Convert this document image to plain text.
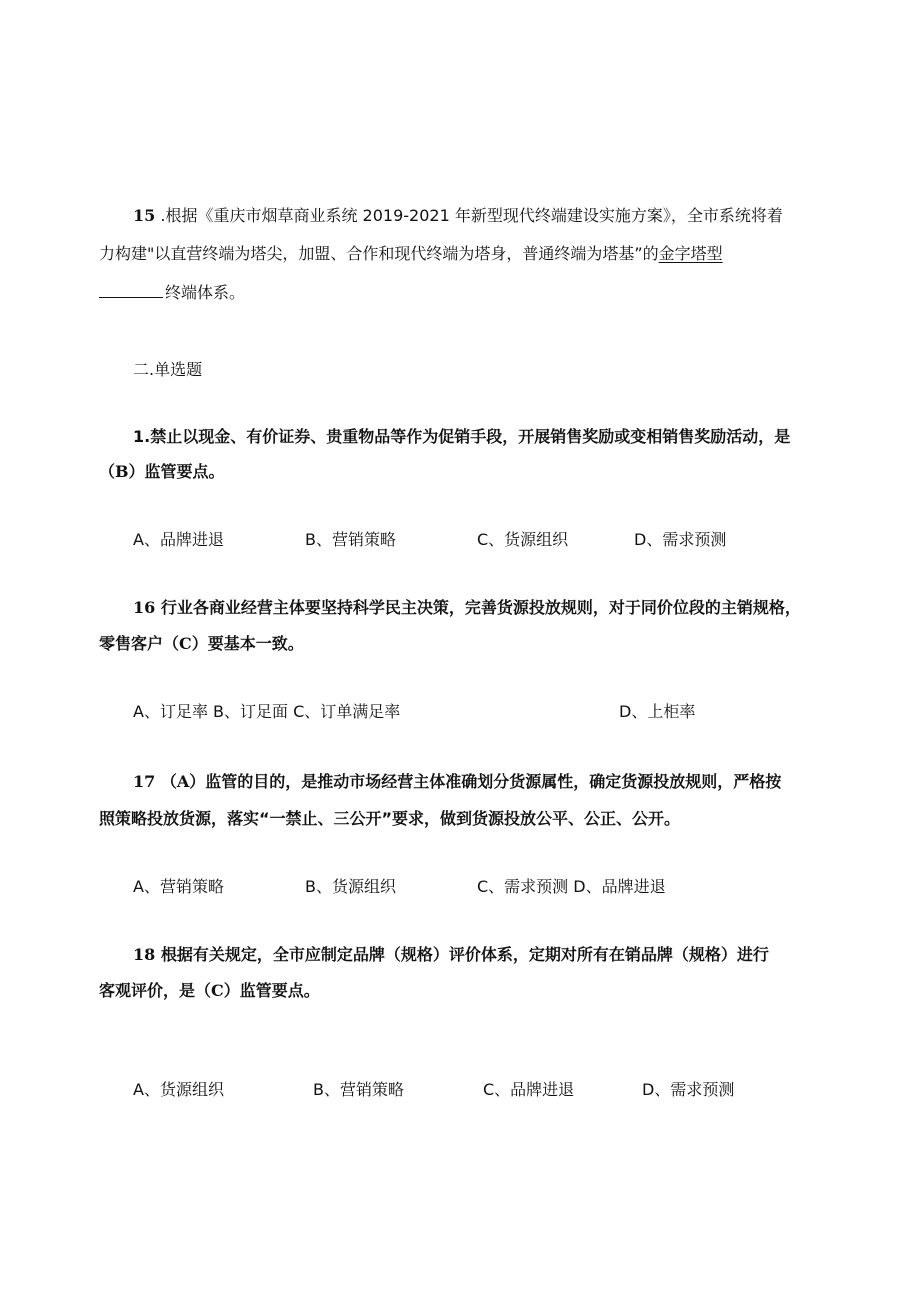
15 .根据《重庆市烟草商业系统 2019-2021 年新型现代终端建设实施方案》，全市系统将着
力构建"以直营终端为塔尖，加盟、合作和现代终端为塔身，普通终端为塔基”的金字塔型
终端体系。
二.单选题
1.禁止以现金、有价证券、贵重物品等作为促销手段，开展销售奖励或变相销售奖励活动，是
（B）监管要点。
A、品牌进退	B、营销策略	C、货源组织	D、需求预测
16 行业各商业经营主体要坚持科学民主决策，完善货源投放规则，对于同价位段的主销规格，
零售客户（C）要基本一致。
A、订足率 B、订足面 C、订单满足率	D、上柜率
17 （A）监管的目的，是推动市场经营主体准确划分货源属性，确定货源投放规则，严格按
照策略投放货源，落实“一禁止、三公开”要求，做到货源投放公平、公正、公开。
A、营销策略	B、货源组织	C、需求预测 D、品牌进退
18 根据有关规定，全市应制定品牌（规格）评价体系，定期对所有在销品牌（规格）进行
客观评价，是（C）监管要点。
A、货源组织	B、营销策略	C、品牌进退	D、需求预测
